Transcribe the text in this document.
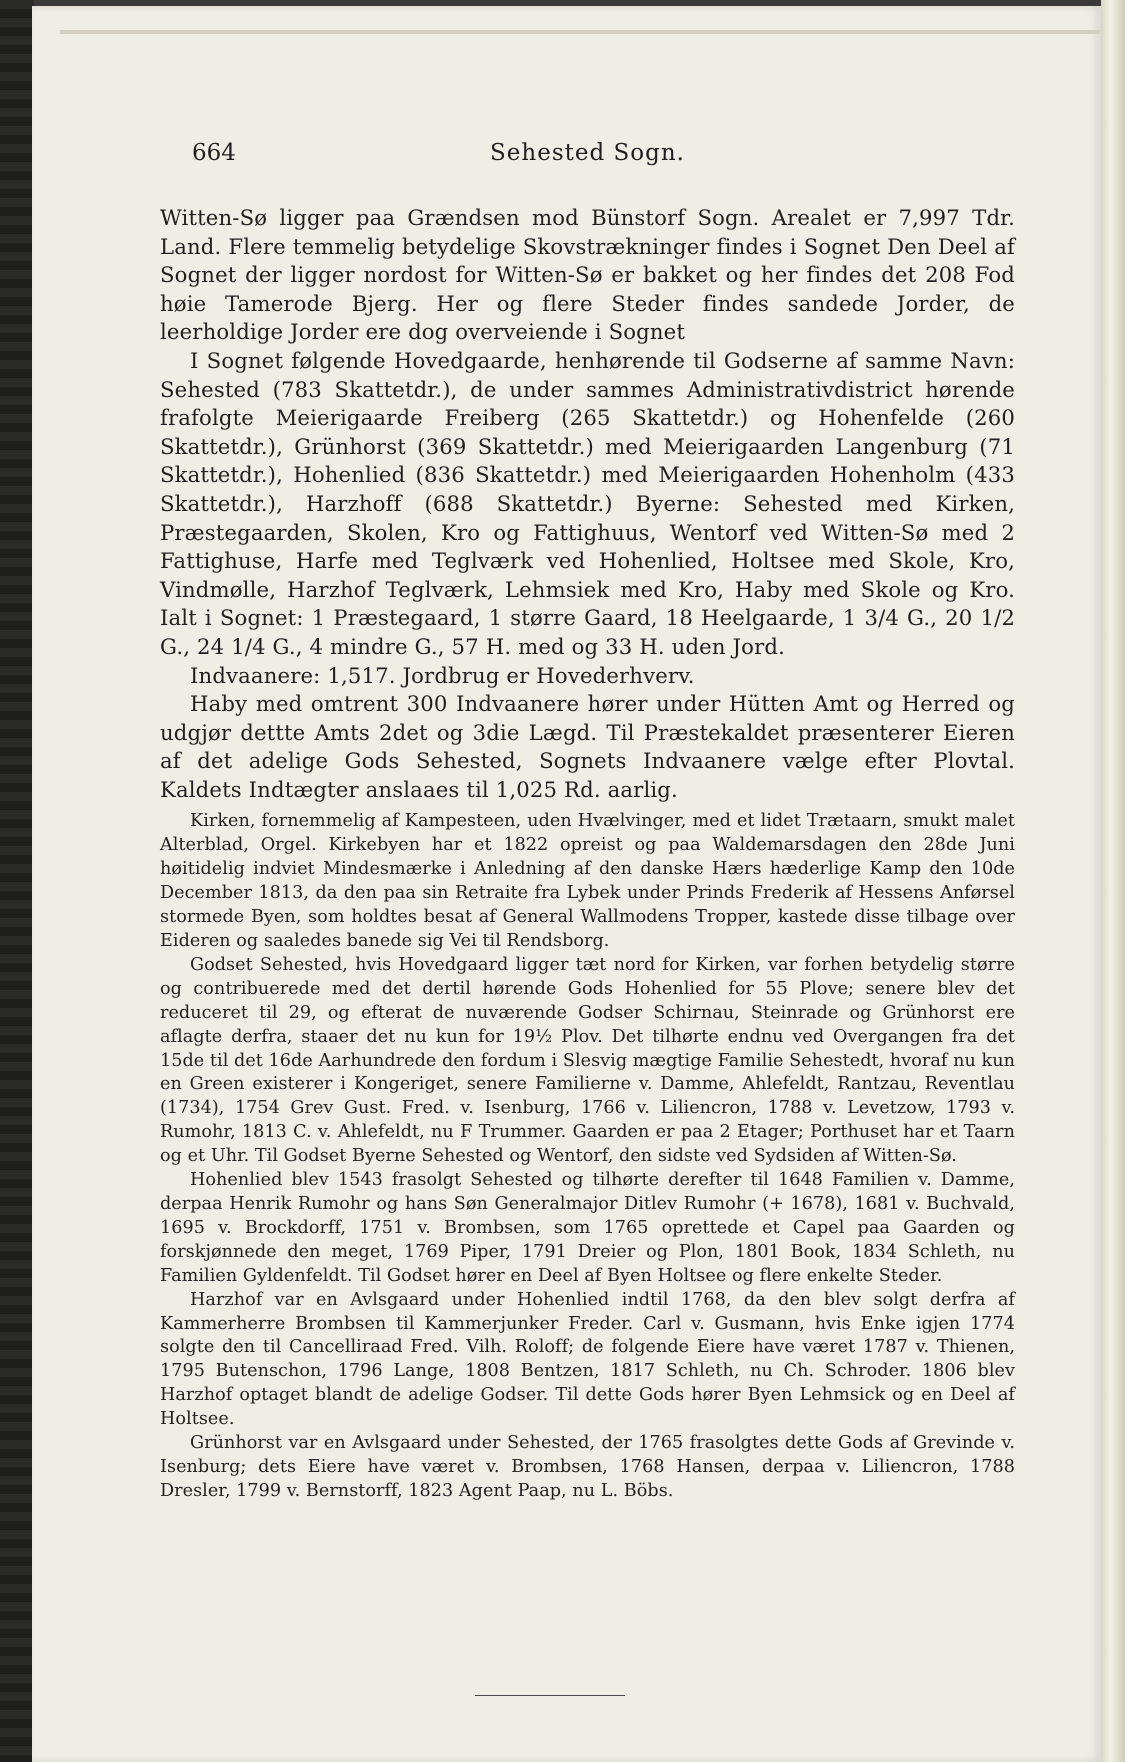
664	Sehested Sogn.

Witten-Sø ligger paa Grændsen mod Bünstorf Sogn. Arealet er 7,997 Tdr. Land. Flere temmelig betydelige Skovstrækninger findes i Sognet Den Deel af Sognet der ligger nordost for Witten-Sø er bakket og her findes det 208 Fod høie Tamerode Bjerg. Her og flere Steder findes sandede Jorder, de leerholdige Jorder ere dog overveiende i Sognet

I Sognet følgende Hovedgaarde, henhørende til Godserne af samme Navn: Sehested (783 Skattetdr.), de under sammes Administrativdistrict hørende frafolgte Meierigaarde Freiberg (265 Skattetdr.) og Hohenfelde (260 Skattetdr.), Grünhorst (369 Skattetdr.) med Meierigaarden Langenburg (71 Skattetdr.), Hohenlied (836 Skattetdr.) med Meierigaarden Hohenholm (433 Skattetdr.), Harzhoff (688 Skattetdr.) Byerne: Sehested med Kirken, Præstegaarden, Skolen, Kro og Fattighuus, Wentorf ved Witten-Sø med 2 Fattighuse, Harfe med Teglværk ved Hohenlied, Holtsee med Skole, Kro, Vindmølle, Harzhof Teglværk, Lehmsiek med Kro, Haby med Skole og Kro. Ialt i Sognet: 1 Præstegaard, 1 større Gaard, 18 Heelgaarde, 1 3/4 G., 20 1/2 G., 24 1/4 G., 4 mindre G., 57 H. med og 33 H. uden Jord.

Indvaanere: 1,517. Jordbrug er Hovederhverv.

Haby med omtrent 300 Indvaanere hører under Hütten Amt og Herred og udgjør dettte Amts 2det og 3die Lægd. Til Præstekaldet præsenterer Eieren af det adelige Gods Sehested, Sognets Indvaanere vælge efter Plovtal. Kaldets Indtægter anslaaes til 1,025 Rd. aarlig.

Kirken, fornemmelig af Kampesteen, uden Hvælvinger, med et lidet Trætaarn, smukt malet Alterblad, Orgel. Kirkebyen har et 1822 opreist og paa Waldemarsdagen den 28de Juni høitidelig indviet Mindesmærke i Anledning af den danske Hærs hæderlige Kamp den 10de December 1813, da den paa sin Retraite fra Lybek under Prinds Frederik af Hessens Anførsel stormede Byen, som holdtes besat af General Wallmodens Tropper, kastede disse tilbage over Eideren og saaledes banede sig Vei til Rendsborg.

Godset Sehested, hvis Hovedgaard ligger tæt nord for Kirken, var forhen betydelig større og contribuerede med det dertil hørende Gods Hohenlied for 55 Plove; senere blev det reduceret til 29, og efterat de nuværende Godser Schirnau, Steinrade og Grünhorst ere aflagte derfra, staaer det nu kun for 19½ Plov. Det tilhørte endnu ved Overgangen fra det 15de til det 16de Aarhundrede den fordum i Slesvig mægtige Familie Sehestedt, hvoraf nu kun en Green existerer i Kongeriget, senere Familierne v. Damme, Ahlefeldt, Rantzau, Reventlau (1734), 1754 Grev Gust. Fred. v. Isenburg, 1766 v. Liliencron, 1788 v. Levetzow, 1793 v. Rumohr, 1813 C. v. Ahlefeldt, nu F Trummer. Gaarden er paa 2 Etager; Porthuset har et Taarn og et Uhr. Til Godset Byerne Sehested og Wentorf, den sidste ved Sydsiden af Witten-Sø.

Hohenlied blev 1543 frasolgt Sehested og tilhørte derefter til 1648 Familien v. Damme, derpaa Henrik Rumohr og hans Søn Generalmajor Ditlev Rumohr (+ 1678), 1681 v. Buchvald, 1695 v. Brockdorff, 1751 v. Brombsen, som 1765 oprettede et Capel paa Gaarden og forskjønnede den meget, 1769 Piper, 1791 Dreier og Plon, 1801 Book, 1834 Schleth, nu Familien Gyldenfeldt. Til Godset hører en Deel af Byen Holtsee og flere enkelte Steder.

Harzhof var en Avlsgaard under Hohenlied indtil 1768, da den blev solgt derfra af Kammerherre Brombsen til Kammerjunker Freder. Carl v. Gusmann, hvis Enke igjen 1774 solgte den til Cancelliraad Fred. Vilh. Roloff; de folgende Eiere have været 1787 v. Thienen, 1795 Butenschon, 1796 Lange, 1808 Bentzen, 1817 Schleth, nu Ch. Schroder. 1806 blev Harzhof optaget blandt de adelige Godser. Til dette Gods hører Byen Lehmsick og en Deel af Holtsee.

Grünhorst var en Avlsgaard under Sehested, der 1765 frasolgtes dette Gods af Grevinde v. Isenburg; dets Eiere have været v. Brombsen, 1768 Hansen, derpaa v. Liliencron, 1788 Dresler, 1799 v. Bernstorff, 1823 Agent Paap, nu L. Böbs.
